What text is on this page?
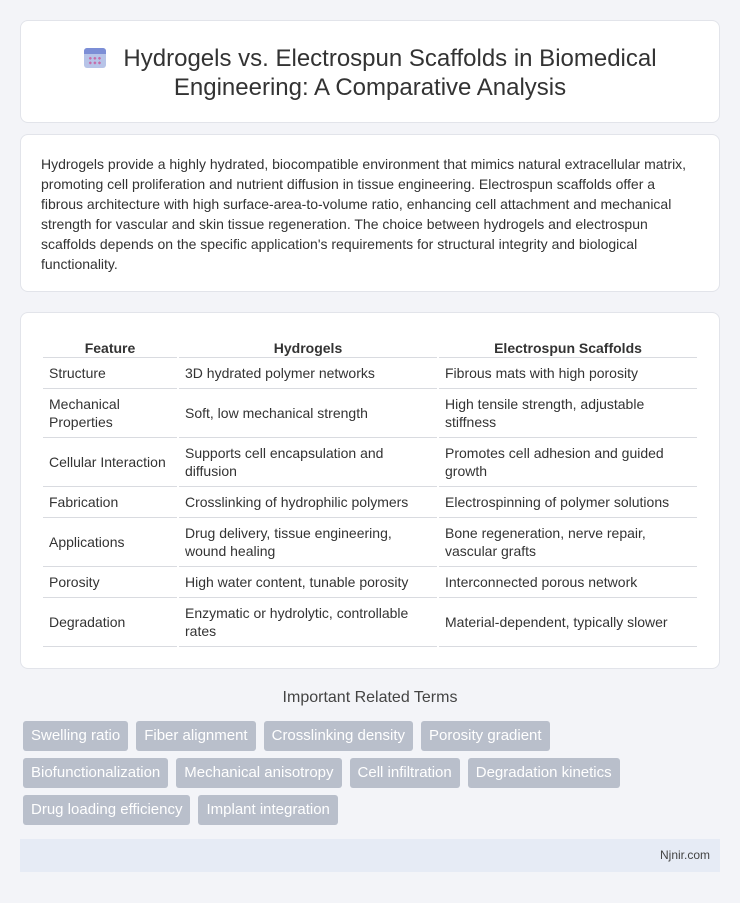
Hydrogels vs. Electrospun Scaffolds in Biomedical Engineering: A Comparative Analysis

Hydrogels provide a highly hydrated, biocompatible environment that mimics natural extracellular matrix, promoting cell proliferation and nutrient diffusion in tissue engineering. Electrospun scaffolds offer a fibrous architecture with high surface-area-to-volume ratio, enhancing cell attachment and mechanical strength for vascular and skin tissue regeneration. The choice between hydrogels and electrospun scaffolds depends on the specific application's requirements for structural integrity and biological functionality.

Feature	Hydrogels	Electrospun Scaffolds
Structure	3D hydrated polymer networks	Fibrous mats with high porosity
Mechanical Properties	Soft, low mechanical strength	High tensile strength, adjustable stiffness
Cellular Interaction	Supports cell encapsulation and diffusion	Promotes cell adhesion and guided growth
Fabrication	Crosslinking of hydrophilic polymers	Electrospinning of polymer solutions
Applications	Drug delivery, tissue engineering, wound healing	Bone regeneration, nerve repair, vascular grafts
Porosity	High water content, tunable porosity	Interconnected porous network
Degradation	Enzymatic or hydrolytic, controllable rates	Material-dependent, typically slower
Important Related Terms
Swelling ratio	Fiber alignment	Crosslinking density	Porosity gradient
Biofunctionalization	Mechanical anisotropy	Cell infiltration	Degradation kinetics
Drug loading efficiency	Implant integration
Njnir.com
